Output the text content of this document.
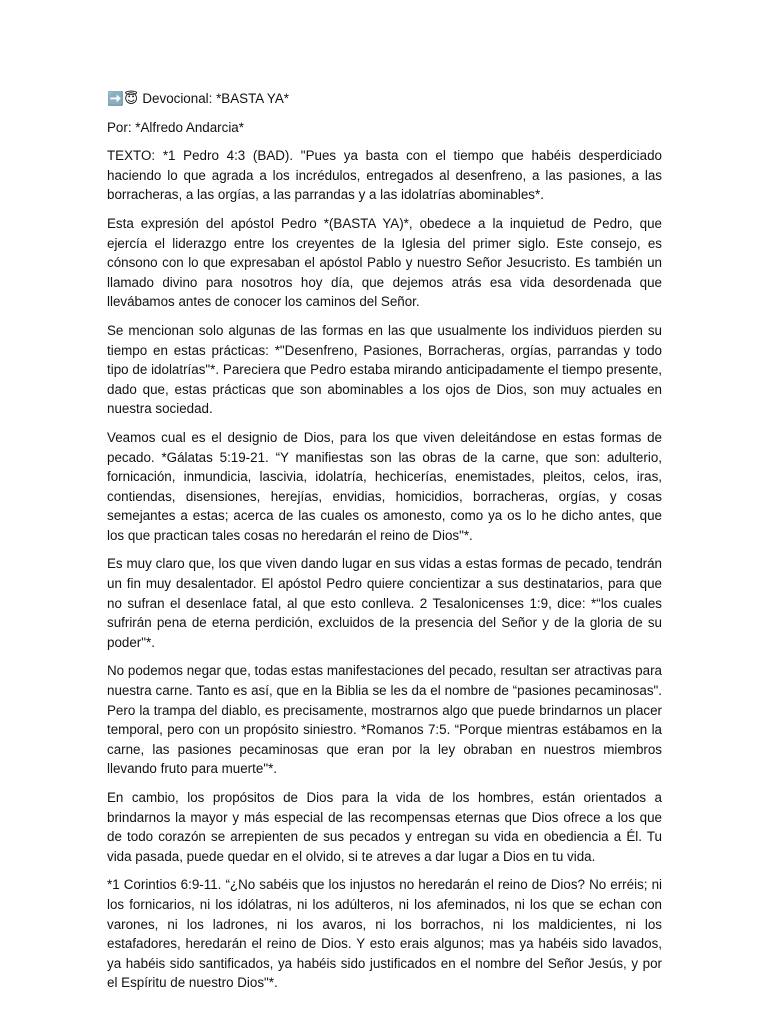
➡️😇 Devocional: *BASTA YA*

Por: *Alfredo Andarcia*

TEXTO: *1 Pedro 4:3 (BAD). "Pues ya basta con el tiempo que habéis desperdiciado haciendo lo que agrada a los incrédulos, entregados al desenfreno, a las pasiones, a las borracheras, a las orgías, a las parrandas y a las idolatrías abominables*.

Esta expresión del apóstol Pedro *(BASTA YA)*, obedece a la inquietud de Pedro, que ejercía el liderazgo entre los creyentes de la Iglesia del primer siglo. Este consejo, es cónsono con lo que expresaban el apóstol Pablo y nuestro Señor Jesucristo. Es también un llamado divino para nosotros hoy día, que dejemos atrás esa vida desordenada que llevábamos antes de conocer los caminos del Señor.

Se mencionan solo algunas de las formas en las que usualmente los individuos pierden su tiempo en estas prácticas: *"Desenfreno, Pasiones, Borracheras, orgías, parrandas y todo tipo de idolatrías"*. Pareciera que Pedro estaba mirando anticipadamente el tiempo presente, dado que, estas prácticas que son abominables a los ojos de Dios, son muy actuales en nuestra sociedad.

Veamos cual es el designio de Dios, para los que viven deleitándose en estas formas de pecado. *Gálatas 5:19-21. “Y manifiestas son las obras de la carne, que son: adulterio, fornicación, inmundicia, lascivia, idolatría, hechicerías, enemistades, pleitos, celos, iras, contiendas, disensiones, herejías, envidias, homicidios, borracheras, orgías, y cosas semejantes a estas; acerca de las cuales os amonesto, como ya os lo he dicho antes, que los que practican tales cosas no heredarán el reino de Dios"*.

Es muy claro que, los que viven dando lugar en sus vidas a estas formas de pecado, tendrán un fin muy desalentador. El apóstol Pedro quiere concientizar a sus destinatarios, para que no sufran el desenlace fatal, al que esto conlleva. 2 Tesalonicenses 1:9, dice: *“los cuales sufrirán pena de eterna perdición, excluidos de la presencia del Señor y de la gloria de su poder"*.

No podemos negar que, todas estas manifestaciones del pecado, resultan ser atractivas para nuestra carne. Tanto es así, que en la Biblia se les da el nombre de “pasiones pecaminosas". Pero la trampa del diablo, es precisamente, mostrarnos algo que puede brindarnos un placer temporal, pero con un propósito siniestro. *Romanos 7:5. “Porque mientras estábamos en la carne, las pasiones pecaminosas que eran por la ley obraban en nuestros miembros llevando fruto para muerte"*.

En cambio, los propósitos de Dios para la vida de los hombres, están orientados a brindarnos la mayor y más especial de las recompensas eternas que Dios ofrece a los que de todo corazón se arrepienten de sus pecados y entregan su vida en obediencia a Él. Tu vida pasada, puede quedar en el olvido, si te atreves a dar lugar a Dios en tu vida.

*1 Corintios 6:9-11. “¿No sabéis que los injustos no heredarán el reino de Dios? No erréis; ni los fornicarios, ni los idólatras, ni los adúlteros, ni los afeminados, ni los que se echan con varones, ni los ladrones, ni los avaros, ni los borrachos, ni los maldicientes, ni los estafadores, heredarán el reino de Dios. Y esto erais algunos; mas ya habéis sido lavados, ya habéis sido santificados, ya habéis sido justificados en el nombre del Señor Jesús, y por el Espíritu de nuestro Dios"*.
